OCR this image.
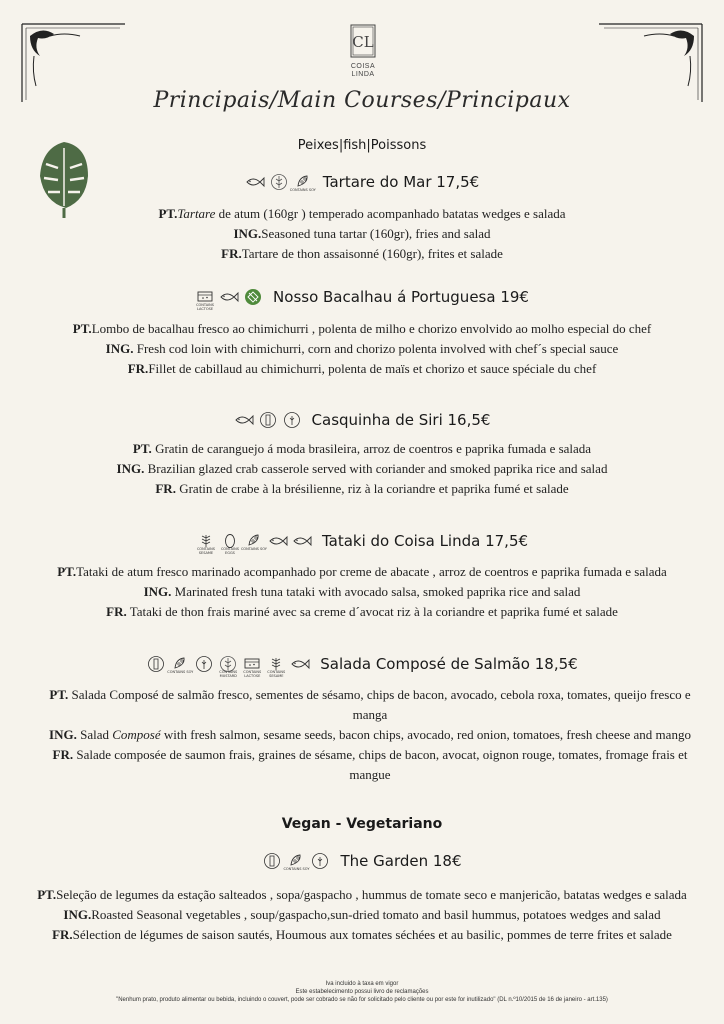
CL
COISA
LINDA
Principais/Main Courses/Principaux
Peixes|fish|Poissons
CONTAINS SOY Tartare do Mar 17,5€
PT.Tartare de atum (160gr ) temperado acompanhado batatas wedges e salada
ING.Seasoned tuna tartar (160gr), fries and salad
FR.Tartare de thon assaisonné (160gr), frites et salade
CONTAINS LACTOSE
Nosso Bacalhau á Portuguesa 19€
PT.Lombo de bacalhau fresco ao chimichurri , polenta de milho e chorizo envolvido ao molho especial do chef
ING. Fresh cod loin with chimichurri, corn and chorizo polenta involved with chef´s special sauce
FR.Fillet de cabillaud au chimichurri, polenta de maïs et chorizo et sauce spéciale du chef
Casquinha de Siri 16,5€
PT. Gratin de caranguejo á moda brasileira, arroz de coentros e paprika fumada e salada
ING. Brazilian glazed crab casserole served with coriander and smoked paprika rice and salad
FR. Gratin de crabe à la brésilienne, riz à la coriandre et paprika fumé et salade
CONTAINS SESAME
CONTAINS EGGS
CONTAINS SOY	Tataki do Coisa Linda 17,5€
PT.Tataki de atum fresco marinado acompanhado por creme de abacate , arroz de coentros e paprika fumada e salada
ING. Marinated fresh tuna tataki with avocado salsa, smoked paprika rice and salad
FR. Tataki de thon frais mariné avec sa creme d´avocat riz à la coriandre et paprika fumé et salade
CONTAINS SOY	CONTAINS MUSTARD
CONTAINS LACTOSE
CONTAINS SESAME
Salada Composé de Salmão 18,5€
PT. Salada Composé de salmão fresco, sementes de sésamo, chips de bacon, avocado, cebola roxa, tomates, queijo fresco e manga
ING. Salad Composé with fresh salmon, sesame seeds, bacon chips, avocado, red onion, tomatoes, fresh cheese and mango
FR. Salade composée de saumon frais, graines de sésame, chips de bacon, avocat, oignon rouge, tomates, fromage frais et mangue
Vegan - Vegetariano
CONTAINS SOY The Garden 18€
PT.Seleção de legumes da estação salteados , sopa/gaspacho , hummus de tomate seco e manjericão, batatas wedges e salada
ING.Roasted Seasonal vegetables , soup/gaspacho,sun-dried tomato and basil hummus, potatoes wedges and salad
FR.Sélection de légumes de saison sautés, Houmous aux tomates séchées et au basilic, pommes de terre frites et salade
Iva incluido à taxa em vigor
Este estabelecimento possui livro de reclamações
"Nenhum prato, produto alimentar ou bebida, incluindo o couvert, pode ser cobrado se não for solicitado pelo cliente ou por este for inutilizado" (DL n.º10/2015 de 16 de janeiro - art.135)
